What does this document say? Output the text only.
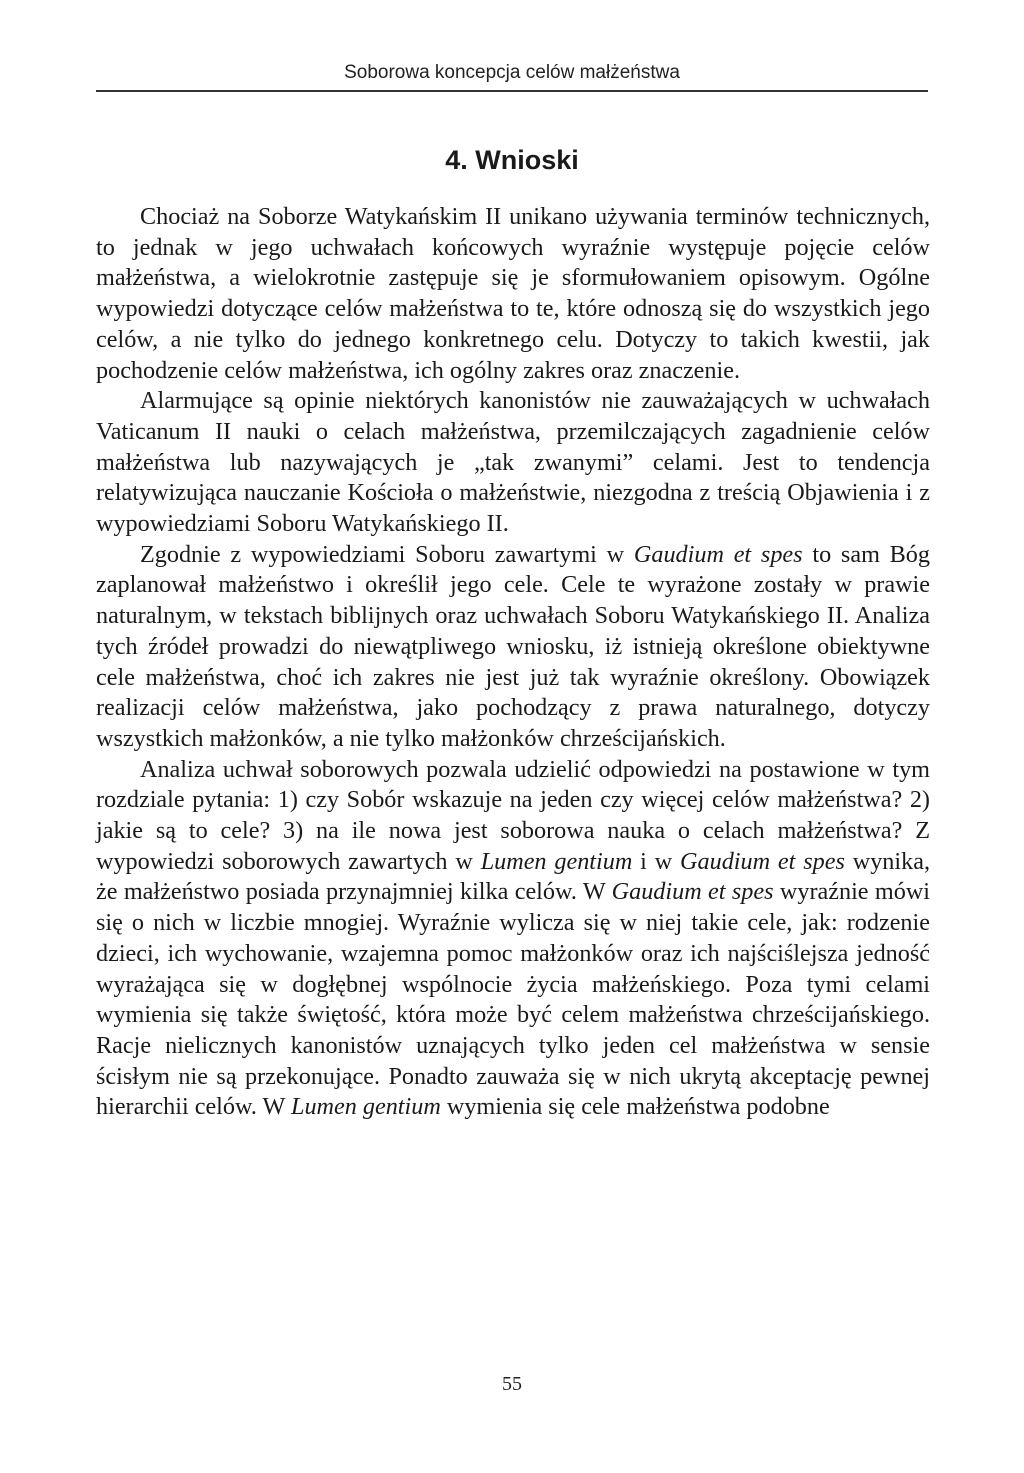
Soborowa koncepcja celów małżeństwa
4. Wnioski

Chociaż na Soborze Watykańskim II unikano używania terminów technicznych, to jednak w jego uchwałach końcowych wyraźnie występuje pojęcie celów małżeństwa, a wielokrotnie zastępuje się je sformułowaniem opisowym. Ogólne wypowiedzi dotyczące celów małżeństwa to te, które odnoszą się do wszystkich jego celów, a nie tylko do jednego konkretnego celu. Dotyczy to takich kwestii, jak pochodzenie celów małżeństwa, ich ogólny zakres oraz znaczenie.

Alarmujące są opinie niektórych kanonistów nie zauważających w uchwałach Vaticanum II nauki o celach małżeństwa, przemilczających zagadnienie celów małżeństwa lub nazywających je „tak zwanymi” celami. Jest to tendencja relatywizująca nauczanie Kościoła o małżeństwie, niezgodna z treścią Objawienia i z wypowiedziami Soboru Watykańskiego II.

Zgodnie z wypowiedziami Soboru zawartymi w Gaudium et spes to sam Bóg zaplanował małżeństwo i określił jego cele. Cele te wyrażone zostały w prawie naturalnym, w tekstach biblijnych oraz uchwałach Soboru Watykańskiego II. Analiza tych źródeł prowadzi do niewątpliwego wniosku, iż istnieją określone obiektywne cele małżeństwa, choć ich zakres nie jest już tak wyraźnie określony. Obowiązek realizacji celów małżeństwa, jako pochodzący z prawa naturalnego, dotyczy wszystkich małżonków, a nie tylko małżonków chrześcijańskich.

Analiza uchwał soborowych pozwala udzielić odpowiedzi na postawione w tym rozdziale pytania: 1) czy Sobór wskazuje na jeden czy więcej celów małżeństwa? 2) jakie są to cele? 3) na ile nowa jest soborowa nauka o celach małżeństwa? Z wypowiedzi soborowych zawartych w Lumen gentium i w Gaudium et spes wynika, że małżeństwo posiada przynajmniej kilka celów. W Gaudium et spes wyraźnie mówi się o nich w liczbie mnogiej. Wyraźnie wylicza się w niej takie cele, jak: rodzenie dzieci, ich wychowanie, wzajemna pomoc małżonków oraz ich najściślejsza jedność wyrażająca się w dogłębnej wspólnocie życia małżeńskiego. Poza tymi celami wymienia się także świętość, która może być celem małżeństwa chrześcijańskiego. Racje nielicznych kanonistów uznających tylko jeden cel małżeństwa w sensie ścisłym nie są przekonujące. Ponadto zauważa się w nich ukrytą akceptację pewnej hierarchii celów. W Lumen gentium wymienia się cele małżeństwa podobne

55
